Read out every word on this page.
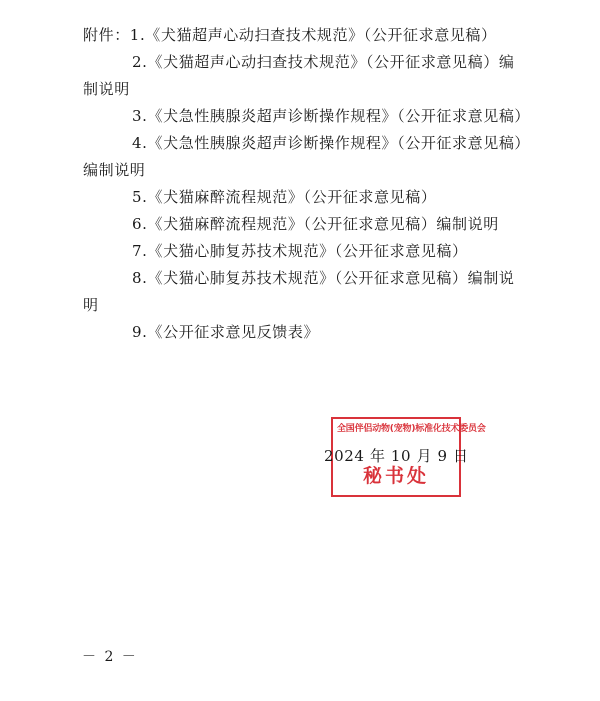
附件：1.《犬猫超声心动扫查技术规范》（公开征求意见稿）
2.《犬猫超声心动扫查技术规范》（公开征求意见稿）编
制说明
3.《犬急性胰腺炎超声诊断操作规程》（公开征求意见稿）
4.《犬急性胰腺炎超声诊断操作规程》（公开征求意见稿）
编制说明
5.《犬猫麻醉流程规范》（公开征求意见稿）
6.《犬猫麻醉流程规范》（公开征求意见稿）编制说明
7.《犬猫心肺复苏技术规范》（公开征求意见稿）
8.《犬猫心肺复苏技术规范》（公开征求意见稿）编制说
明
9.《公开征求意见反馈表》
全国伴侣动物(宠物)标准化技术委员会
秘书处
2024 年 10 月 9 日
－ 2 －
